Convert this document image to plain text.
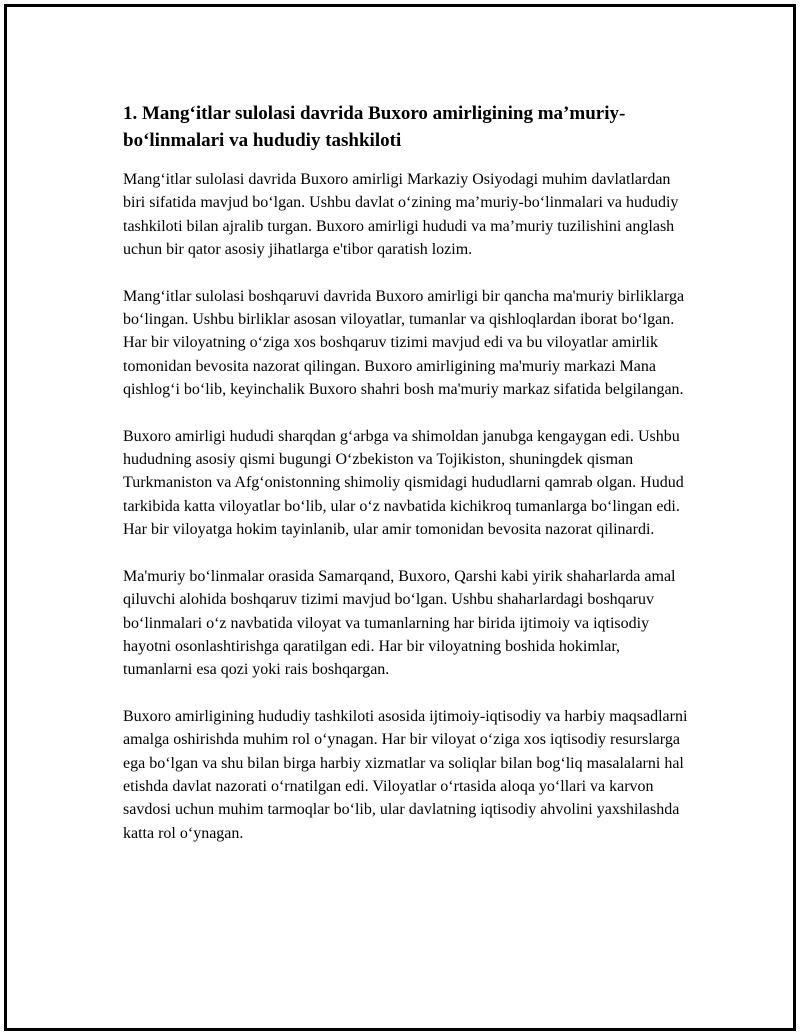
1. Mang‘itlar sulolasi davrida Buxoro amirligining ma’muriy-bo‘linmalari va hududiy tashkiloti

Mang‘itlar sulolasi davrida Buxoro amirligi Markaziy Osiyodagi muhim davlatlardan biri sifatida mavjud bo‘lgan. Ushbu davlat o‘zining ma’muriy-bo‘linmalari va hududiy tashkiloti bilan ajralib turgan. Buxoro amirligi hududi va ma’muriy tuzilishini anglash uchun bir qator asosiy jihatlarga e'tibor qaratish lozim.

Mang‘itlar sulolasi boshqaruvi davrida Buxoro amirligi bir qancha ma'muriy birliklarga bo‘lingan. Ushbu birliklar asosan viloyatlar, tumanlar va qishloqlardan iborat bo‘lgan. Har bir viloyatning o‘ziga xos boshqaruv tizimi mavjud edi va bu viloyatlar amirlik tomonidan bevosita nazorat qilingan. Buxoro amirligining ma'muriy markazi Mana qishlog‘i bo‘lib, keyinchalik Buxoro shahri bosh ma'muriy markaz sifatida belgilangan.

Buxoro amirligi hududi sharqdan g‘arbga va shimoldan janubga kengaygan edi. Ushbu hududning asosiy qismi bugungi O‘zbekiston va Tojikiston, shuningdek qisman Turkmaniston va Afg‘onistonning shimoliy qismidagi hududlarni qamrab olgan. Hudud tarkibida katta viloyatlar bo‘lib, ular o‘z navbatida kichikroq tumanlarga bo‘lingan edi. Har bir viloyatga hokim tayinlanib, ular amir tomonidan bevosita nazorat qilinardi.

Ma'muriy bo‘linmalar orasida Samarqand, Buxoro, Qarshi kabi yirik shaharlarda amal qiluvchi alohida boshqaruv tizimi mavjud bo‘lgan. Ushbu shaharlardagi boshqaruv bo‘linmalari o‘z navbatida viloyat va tumanlarning har birida ijtimoiy va iqtisodiy hayotni osonlashtirishga qaratilgan edi. Har bir viloyatning boshida hokimlar, tumanlarni esa qozi yoki rais boshqargan.

Buxoro amirligining hududiy tashkiloti asosida ijtimoiy-iqtisodiy va harbiy maqsadlarni amalga oshirishda muhim rol o‘ynagan. Har bir viloyat o‘ziga xos iqtisodiy resurslarga ega bo‘lgan va shu bilan birga harbiy xizmatlar va soliqlar bilan bog‘liq masalalarni hal etishda davlat nazorati o‘rnatilgan edi. Viloyatlar o‘rtasida aloqa yo‘llari va karvon savdosi uchun muhim tarmoqlar bo‘lib, ular davlatning iqtisodiy ahvolini yaxshilashda katta rol o‘ynagan.
